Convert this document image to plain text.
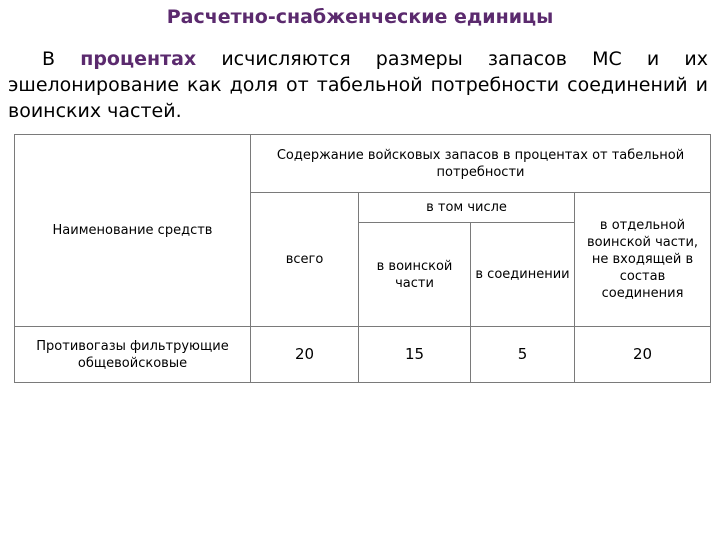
Расчетно-снабженческие единицы
В процентах исчисляются размеры запасов МС и их эшелонирование как доля от табельной потребности соединений и воинских частей.
Наименование средств	Содержание войсковых запасов в процентах от табельной потребности			
	всего	в том числе		в отдельной воинской части, не входящей в состав соединения
		в воинской части	в соединении	
Противогазы фильтрующие общевойсковые	20	15	5	20
